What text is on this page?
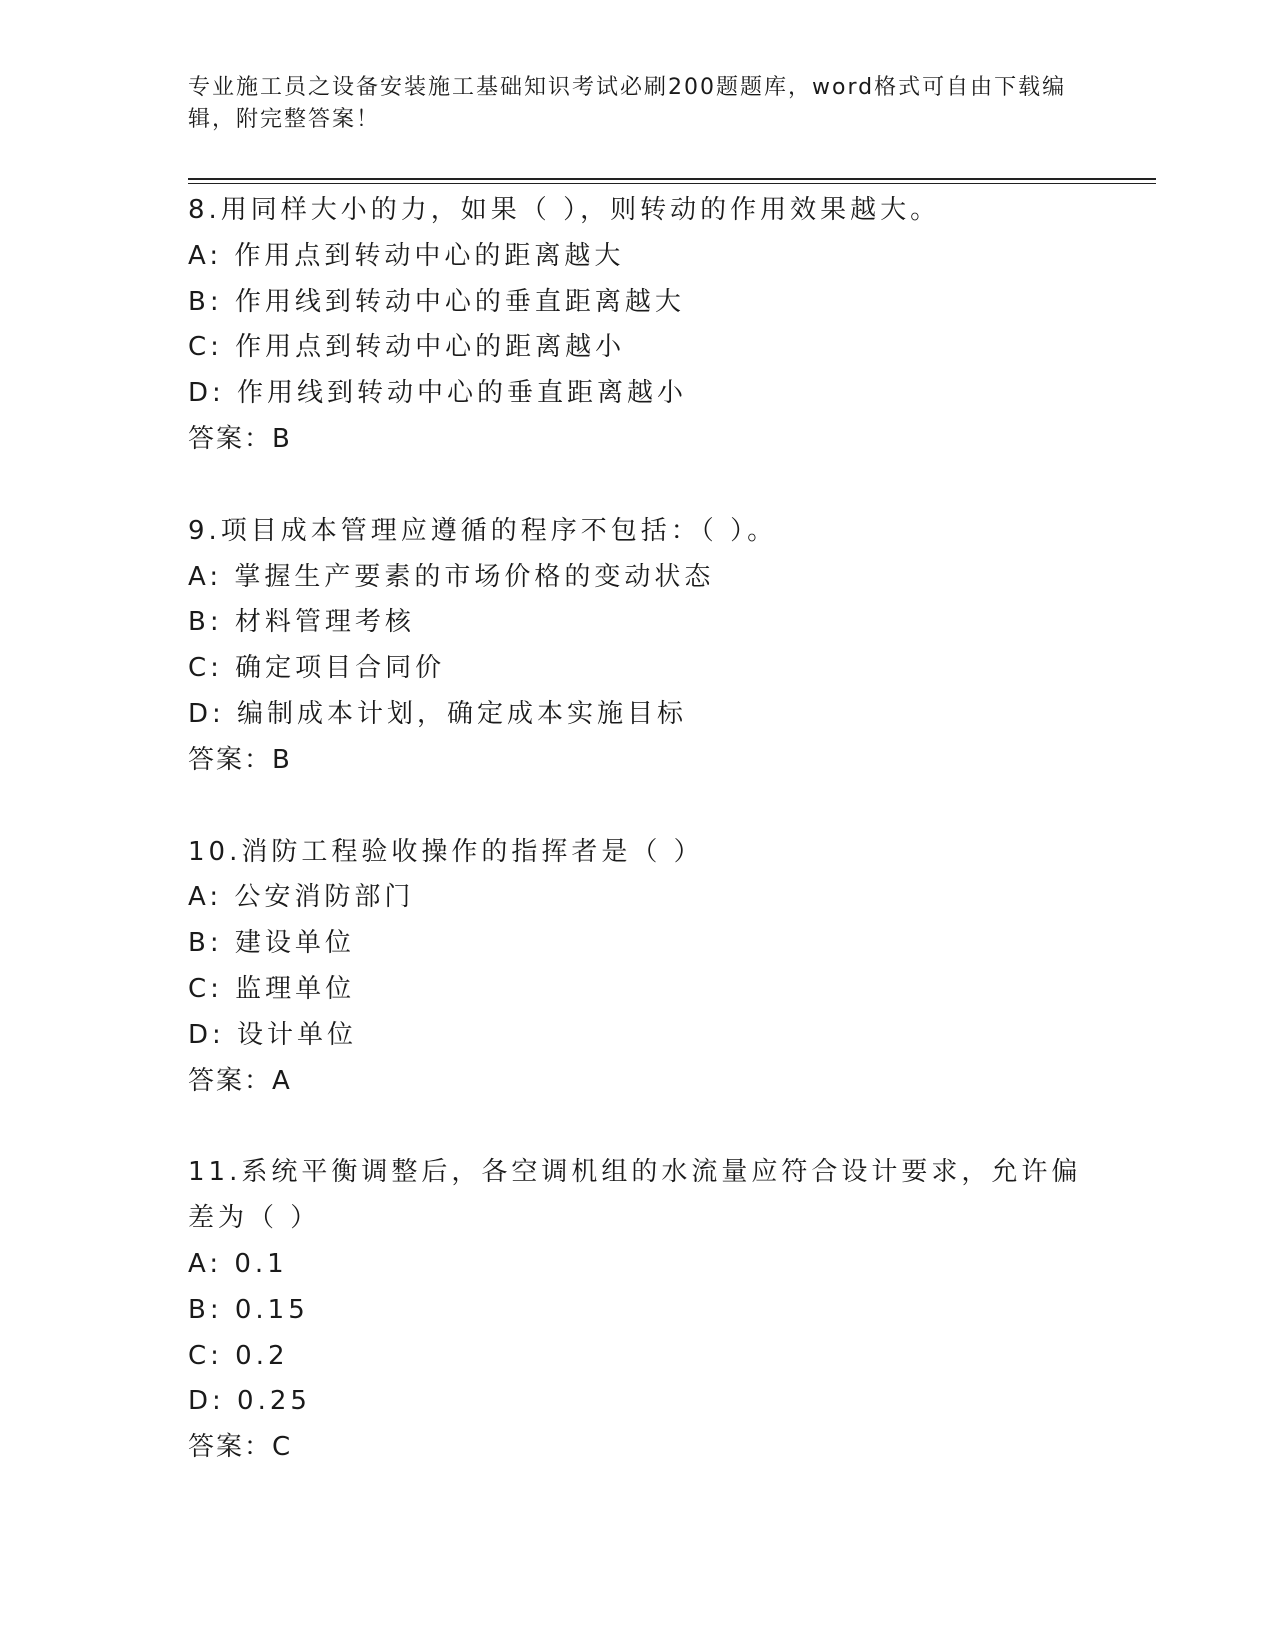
专业施工员之设备安装施工基础知识考试必刷200题题库，word格式可自由下载编辑，附完整答案！
8.用同样大小的力，如果（ ），则转动的作用效果越大。
A: 作用点到转动中心的距离越大
B: 作用线到转动中心的垂直距离越大
C: 作用点到转动中心的距离越小
D: 作用线到转动中心的垂直距离越小
答案：B
9.项目成本管理应遵循的程序不包括：（ ）。
A: 掌握生产要素的市场价格的变动状态
B: 材料管理考核
C: 确定项目合同价
D: 编制成本计划，确定成本实施目标
答案：B
10.消防工程验收操作的指挥者是（ ）
A: 公安消防部门
B: 建设单位
C: 监理单位
D: 设计单位
答案：A
11.系统平衡调整后，各空调机组的水流量应符合设计要求，允许偏差为（ ）
A: 0.1
B: 0.15
C: 0.2
D: 0.25
答案：C
